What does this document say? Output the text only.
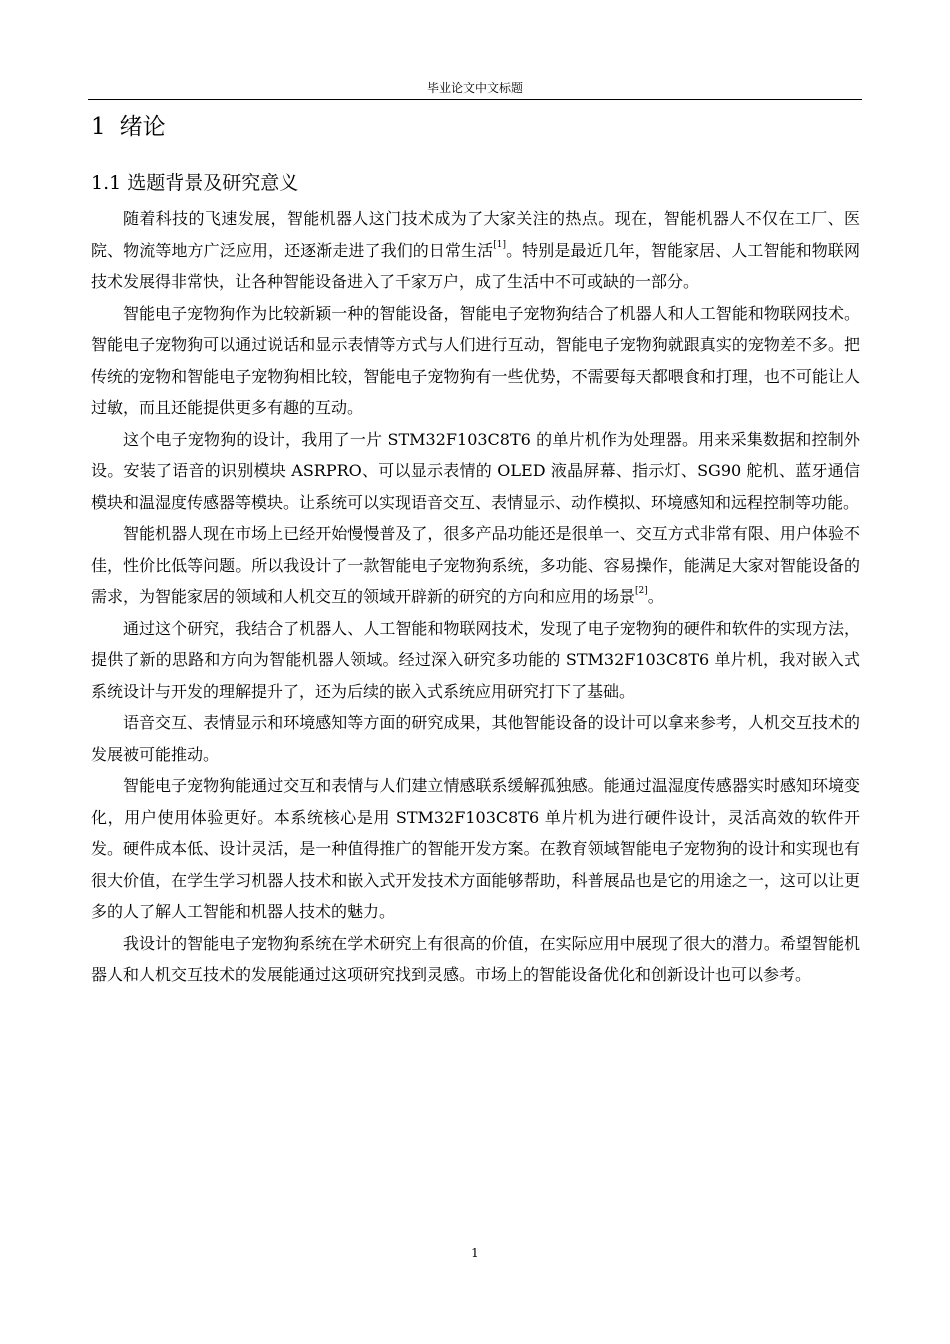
毕业论文中文标题
1 绪论
1.1 选题背景及研究意义

随着科技的飞速发展，智能机器人这门技术成为了大家关注的热点。现在，智能机器人不仅在工厂、医院、物流等地方广泛应用，还逐渐走进了我们的日常生活[1]。特别是最近几年，智能家居、人工智能和物联网技术发展得非常快，让各种智能设备进入了千家万户，成了生活中不可或缺的一部分。

智能电子宠物狗作为比较新颖一种的智能设备，智能电子宠物狗结合了机器人和人工智能和物联网技术。智能电子宠物狗可以通过说话和显示表情等方式与人们进行互动，智能电子宠物狗就跟真实的宠物差不多。把传统的宠物和智能电子宠物狗相比较，智能电子宠物狗有一些优势，不需要每天都喂食和打理，也不可能让人过敏，而且还能提供更多有趣的互动。

这个电子宠物狗的设计，我用了一片 STM32F103C8T6 的单片机作为处理器。用来采集数据和控制外设。安装了语音的识别模块 ASRPRO、可以显示表情的 OLED 液晶屏幕、指示灯、SG90 舵机、蓝牙通信模块和温湿度传感器等模块。让系统可以实现语音交互、表情显示、动作模拟、环境感知和远程控制等功能。

智能机器人现在市场上已经开始慢慢普及了，很多产品功能还是很单一、交互方式非常有限、用户体验不佳，性价比低等问题。所以我设计了一款智能电子宠物狗系统，多功能、容易操作，能满足大家对智能设备的需求，为智能家居的领域和人机交互的领域开辟新的研究的方向和应用的场景[2]。

通过这个研究，我结合了机器人、人工智能和物联网技术，发现了电子宠物狗的硬件和软件的实现方法，提供了新的思路和方向为智能机器人领域。经过深入研究多功能的 STM32F103C8T6 单片机，我对嵌入式系统设计与开发的理解提升了，还为后续的嵌入式系统应用研究打下了基础。

语音交互、表情显示和环境感知等方面的研究成果，其他智能设备的设计可以拿来参考，人机交互技术的发展被可能推动。

智能电子宠物狗能通过交互和表情与人们建立情感联系缓解孤独感。能通过温湿度传感器实时感知环境变化，用户使用体验更好。本系统核心是用 STM32F103C8T6 单片机为进行硬件设计，灵活高效的软件开发。硬件成本低、设计灵活，是一种值得推广的智能开发方案。在教育领域智能电子宠物狗的设计和实现也有很大价值，在学生学习机器人技术和嵌入式开发技术方面能够帮助，科普展品也是它的用途之一，这可以让更多的人了解人工智能和机器人技术的魅力。

我设计的智能电子宠物狗系统在学术研究上有很高的价值，在实际应用中展现了很大的潜力。希望智能机器人和人机交互技术的发展能通过这项研究找到灵感。市场上的智能设备优化和创新设计也可以参考。

1
